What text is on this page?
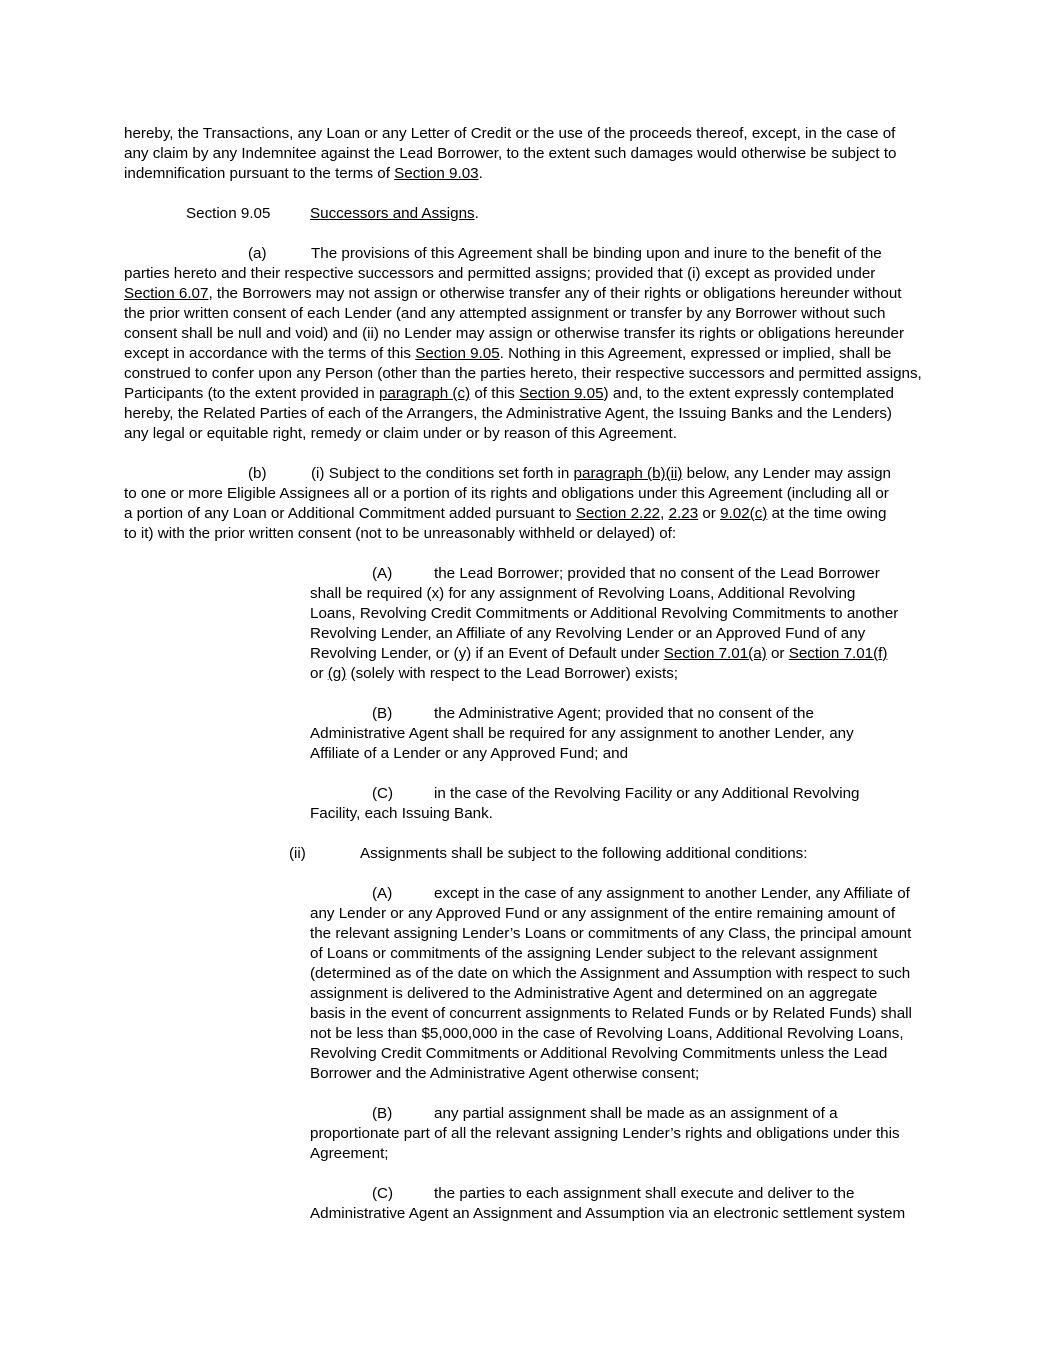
hereby, the Transactions, any Loan or any Letter of Credit or the use of the proceeds thereof, except, in the case of
any claim by any Indemnitee against the Lead Borrower, to the extent such damages would otherwise be subject to
indemnification pursuant to the terms of Section 9.03.
Section 9.05	Successors and Assigns.
(a)	The provisions of this Agreement shall be binding upon and inure to the benefit of the
parties hereto and their respective successors and permitted assigns; provided that (i) except as provided under
Section 6.07, the Borrowers may not assign or otherwise transfer any of their rights or obligations hereunder without
the prior written consent of each Lender (and any attempted assignment or transfer by any Borrower without such
consent shall be null and void) and (ii) no Lender may assign or otherwise transfer its rights or obligations hereunder
except in accordance with the terms of this Section 9.05. Nothing in this Agreement, expressed or implied, shall be
construed to confer upon any Person (other than the parties hereto, their respective successors and permitted assigns,
Participants (to the extent provided in paragraph (c) of this Section 9.05) and, to the extent expressly contemplated
hereby, the Related Parties of each of the Arrangers, the Administrative Agent, the Issuing Banks and the Lenders)
any legal or equitable right, remedy or claim under or by reason of this Agreement.
(b)	(i) Subject to the conditions set forth in paragraph (b)(ii) below, any Lender may assign
to one or more Eligible Assignees all or a portion of its rights and obligations under this Agreement (including all or
a portion of any Loan or Additional Commitment added pursuant to Section 2.22, 2.23 or 9.02(c) at the time owing
to it) with the prior written consent (not to be unreasonably withheld or delayed) of:
(A)	the Lead Borrower; provided that no consent of the Lead Borrower
shall be required (x) for any assignment of Revolving Loans, Additional Revolving
Loans, Revolving Credit Commitments or Additional Revolving Commitments to another
Revolving Lender, an Affiliate of any Revolving Lender or an Approved Fund of any
Revolving Lender, or (y) if an Event of Default under Section 7.01(a) or Section 7.01(f)
or (g) (solely with respect to the Lead Borrower) exists;
(B)	the Administrative Agent; provided that no consent of the
Administrative Agent shall be required for any assignment to another Lender, any
Affiliate of a Lender or any Approved Fund; and
(C)	in the case of the Revolving Facility or any Additional Revolving
Facility, each Issuing Bank.
(ii)	Assignments shall be subject to the following additional conditions:
(A)	except in the case of any assignment to another Lender, any Affiliate of
any Lender or any Approved Fund or any assignment of the entire remaining amount of
the relevant assigning Lender’s Loans or commitments of any Class, the principal amount
of Loans or commitments of the assigning Lender subject to the relevant assignment
(determined as of the date on which the Assignment and Assumption with respect to such
assignment is delivered to the Administrative Agent and determined on an aggregate
basis in the event of concurrent assignments to Related Funds or by Related Funds) shall
not be less than $5,000,000 in the case of Revolving Loans, Additional Revolving Loans,
Revolving Credit Commitments or Additional Revolving Commitments unless the Lead
Borrower and the Administrative Agent otherwise consent;
(B)	any partial assignment shall be made as an assignment of a
proportionate part of all the relevant assigning Lender’s rights and obligations under this
Agreement;
(C)	the parties to each assignment shall execute and deliver to the
Administrative Agent an Assignment and Assumption via an electronic settlement system
